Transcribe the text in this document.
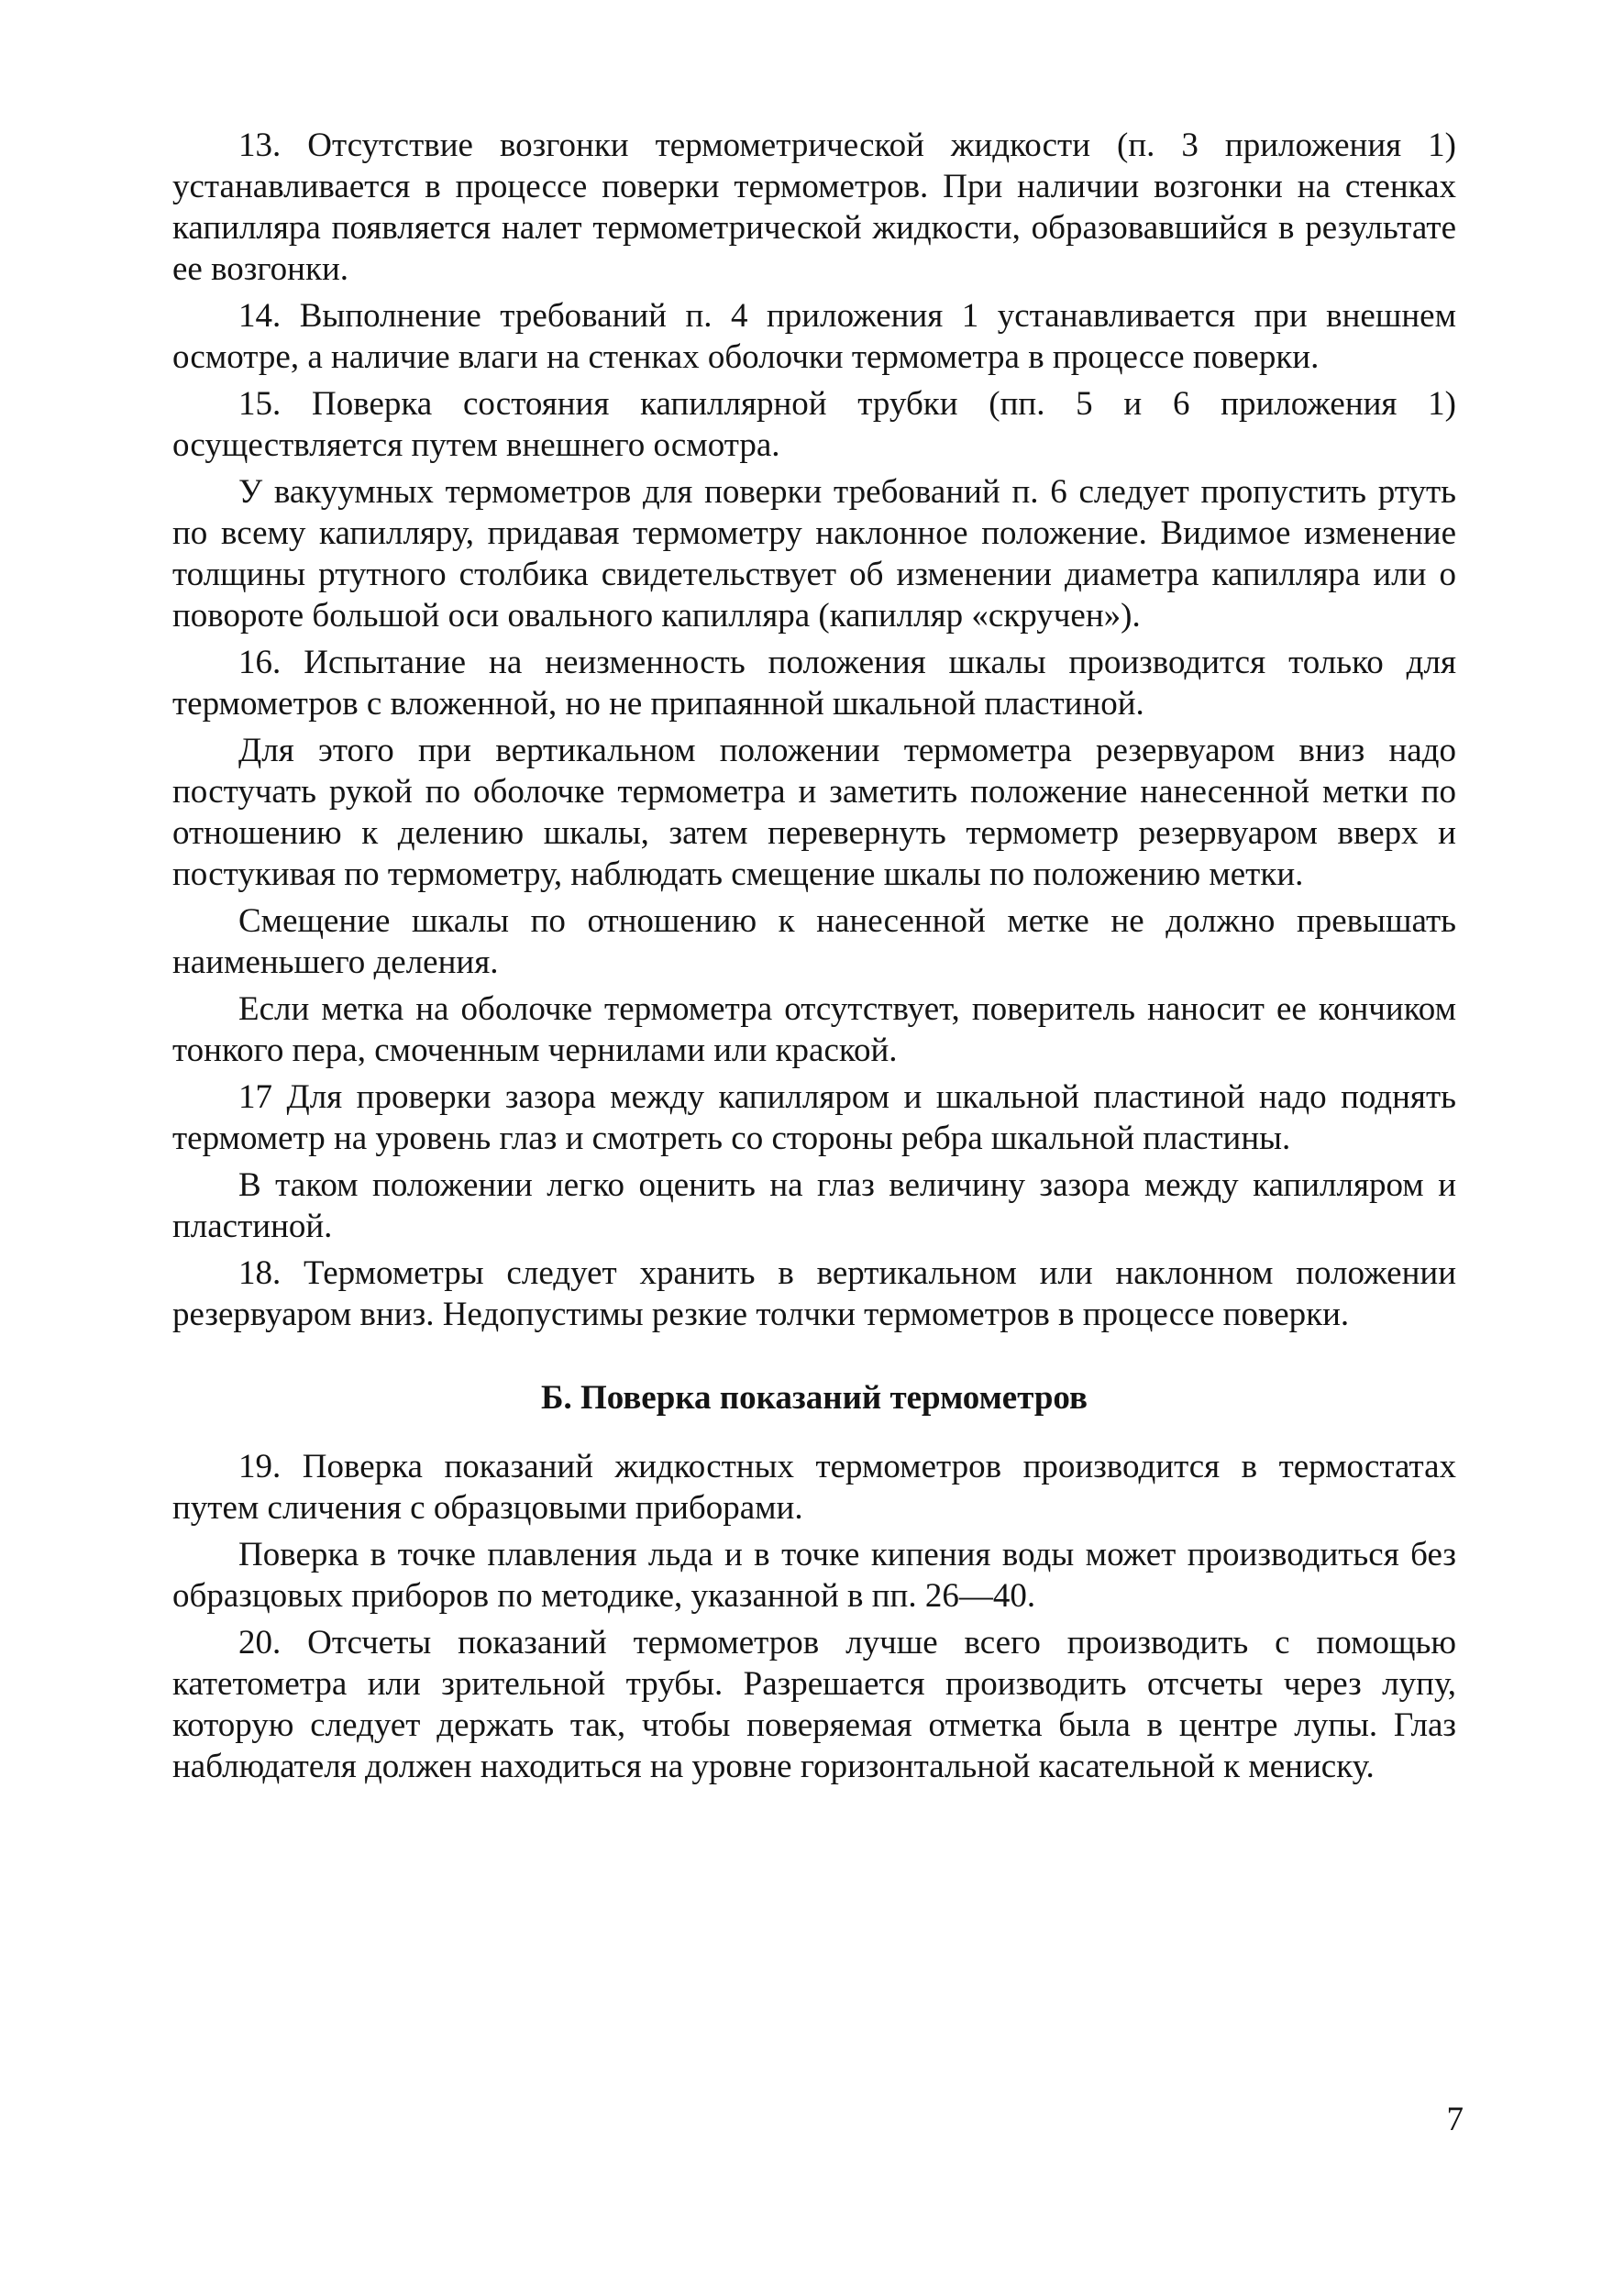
13. Отсутствие возгонки термометрической жидкости (п. 3 приложения 1) устанавливается в процессе поверки термометров. При наличии возгонки на стенках капилляра появляется налет термометрической жидкости, образовавшийся в результате ее возгонки.

14. Выполнение требований п. 4 приложения 1 устанавливается при внешнем осмотре, а наличие влаги на стенках оболочки термометра в процессе поверки.

15. Поверка состояния капиллярной трубки (пп. 5 и 6 приложения 1) осуществляется путем внешнего осмотра.

У вакуумных термометров для поверки требований п. 6 следует пропустить ртуть по всему капилляру, придавая термометру наклонное положение. Видимое изменение толщины ртутного столбика свидетельствует об изменении диаметра капилляра или о повороте большой оси овального капилляра (капилляр «скручен»).

16. Испытание на неизменность положения шкалы производится только для термометров с вложенной, но не припаянной шкальной пластиной.

Для этого при вертикальном положении термометра резервуаром вниз надо постучать рукой по оболочке термометра и заметить положение нанесенной метки по отношению к делению шкалы, затем перевернуть термометр резервуаром вверх и постукивая по термометру, наблюдать смещение шкалы по положению метки.

Смещение шкалы по отношению к нанесенной метке не должно превышать наименьшего деления.

Если метка на оболочке термометра отсутствует, поверитель наносит ее кончиком тонкого пера, смоченным чернилами или краской.

17 Для проверки зазора между капилляром и шкальной пластиной надо поднять термометр на уровень глаз и смотреть со стороны ребра шкальной пластины.

В таком положении легко оценить на глаз величину зазора между капилляром и пластиной.

18. Термометры следует хранить в вертикальном или наклонном положении резервуаром вниз. Недопустимы резкие толчки термометров в процессе поверки.

Б. Поверка показаний термометров

19. Поверка показаний жидкостных термометров производится в термостатах путем сличения с образцовыми приборами.

Поверка в точке плавления льда и в точке кипения воды может производиться без образцовых приборов по методике, указанной в пп. 26—40.

20. Отсчеты показаний термометров лучше всего производить с помощью катетометра или зрительной трубы. Разрешается производить отсчеты через лупу, которую следует держать так, чтобы поверяемая отметка была в центре лупы. Глаз наблюдателя должен находиться на уровне горизонтальной касательной к мениску.

7
